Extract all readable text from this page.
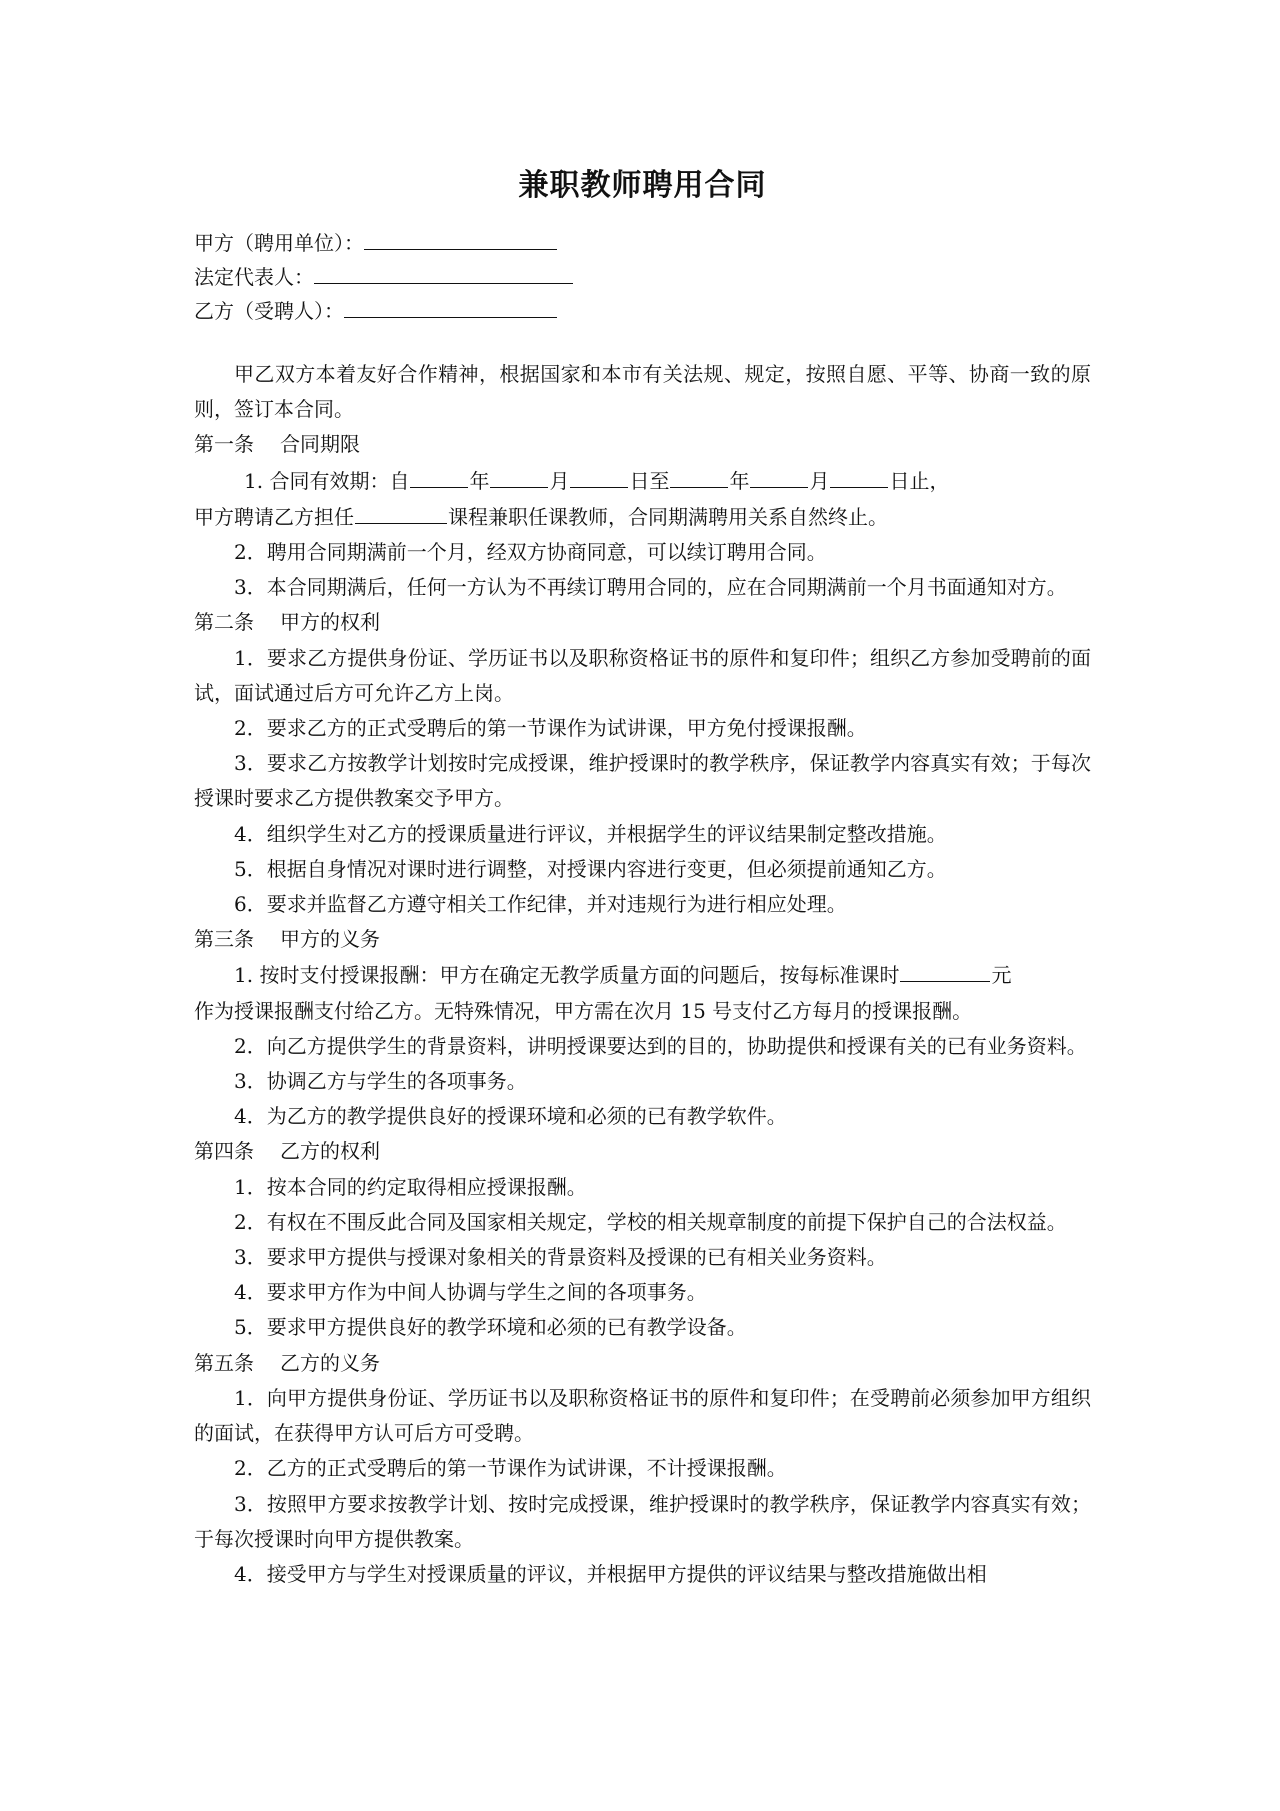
兼职教师聘用合同
甲方（聘用单位）：
法定代表人：
乙方（受聘人）：

甲乙双方本着友好合作精神，根据国家和本市有关法规、规定，按照自愿、平等、协商一致的原则，签订本合同。

第一条 合同期限

1. 合同有效期：自	年	月	日至	年	月	日止，

甲方聘请乙方担任	课程兼职任课教师，合同期满聘用关系自然终止。

2．聘用合同期满前一个月，经双方协商同意，可以续订聘用合同。

3．本合同期满后，任何一方认为不再续订聘用合同的，应在合同期满前一个月书面通知对方。

第二条 甲方的权利

1．要求乙方提供身份证、学历证书以及职称资格证书的原件和复印件；组织乙方参加受聘前的面试，面试通过后方可允许乙方上岗。

2．要求乙方的正式受聘后的第一节课作为试讲课，甲方免付授课报酬。

3．要求乙方按教学计划按时完成授课，维护授课时的教学秩序，保证教学内容真实有效；于每次授课时要求乙方提供教案交予甲方。

4．组织学生对乙方的授课质量进行评议，并根据学生的评议结果制定整改措施。

5．根据自身情况对课时进行调整，对授课内容进行变更，但必须提前通知乙方。

6．要求并监督乙方遵守相关工作纪律，并对违规行为进行相应处理。

第三条 甲方的义务

1. 按时支付授课报酬：甲方在确定无教学质量方面的问题后，按每标准课时	元

作为授课报酬支付给乙方。无特殊情况，甲方需在次月 15 号支付乙方每月的授课报酬。

2．向乙方提供学生的背景资料，讲明授课要达到的目的，协助提供和授课有关的已有业务资料。

3．协调乙方与学生的各项事务。

4．为乙方的教学提供良好的授课环境和必须的已有教学软件。

第四条 乙方的权利

1．按本合同的约定取得相应授课报酬。

2．有权在不围反此合同及国家相关规定，学校的相关规章制度的前提下保护自己的合法权益。

3．要求甲方提供与授课对象相关的背景资料及授课的已有相关业务资料。

4．要求甲方作为中间人协调与学生之间的各项事务。

5．要求甲方提供良好的教学环境和必须的已有教学设备。

第五条 乙方的义务

1．向甲方提供身份证、学历证书以及职称资格证书的原件和复印件；在受聘前必须参加甲方组织的面试，在获得甲方认可后方可受聘。

2．乙方的正式受聘后的第一节课作为试讲课，不计授课报酬。

3．按照甲方要求按教学计划、按时完成授课，维护授课时的教学秩序，保证教学内容真实有效；于每次授课时向甲方提供教案。

4．接受甲方与学生对授课质量的评议，并根据甲方提供的评议结果与整改措施做出相
